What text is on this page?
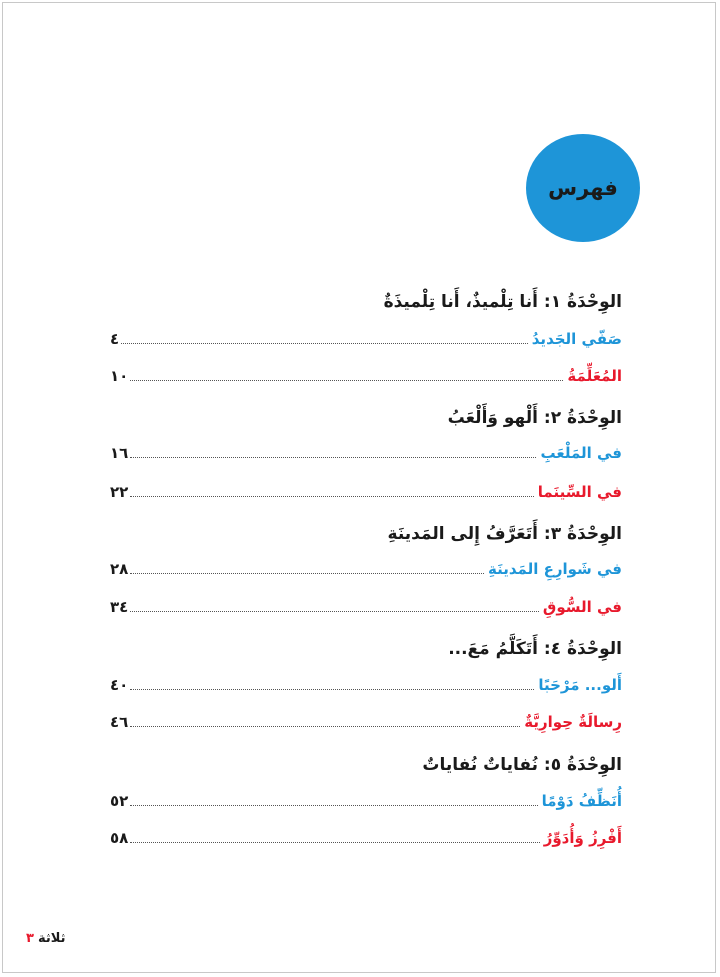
فهرس
الوِحْدَةُ ١: أَنا تِلْميذٌ، أَنا تِلْميذَةٌ
صَفّي الجَديدُ
٤
المُعَلِّمَةُ
١٠
الوِحْدَةُ ٢: أَلْهو وَأَلْعَبُ
في المَلْعَبِ
١٦
في السِّينَما
٢٢
الوِحْدَةُ ٣: أَتَعَرَّفُ إِلى المَدينَةِ
في شَوارِعِ المَدينَةِ
٢٨
في السُّوقِ
٣٤
الوِحْدَةُ ٤: أَتَكَلَّمُ مَعَ...
أَلو... مَرْحَبًا
٤٠
رِسالَةٌ حِوارِيَّةٌ
٤٦
الوِحْدَةُ ٥: نُفاياتٌ نُفاياتٌ
أُنَظِّفُ دَوْمًا
٥٢
أَفْرِزُ وَأُدَوِّرُ
٥٨
ثلاثة
٣
